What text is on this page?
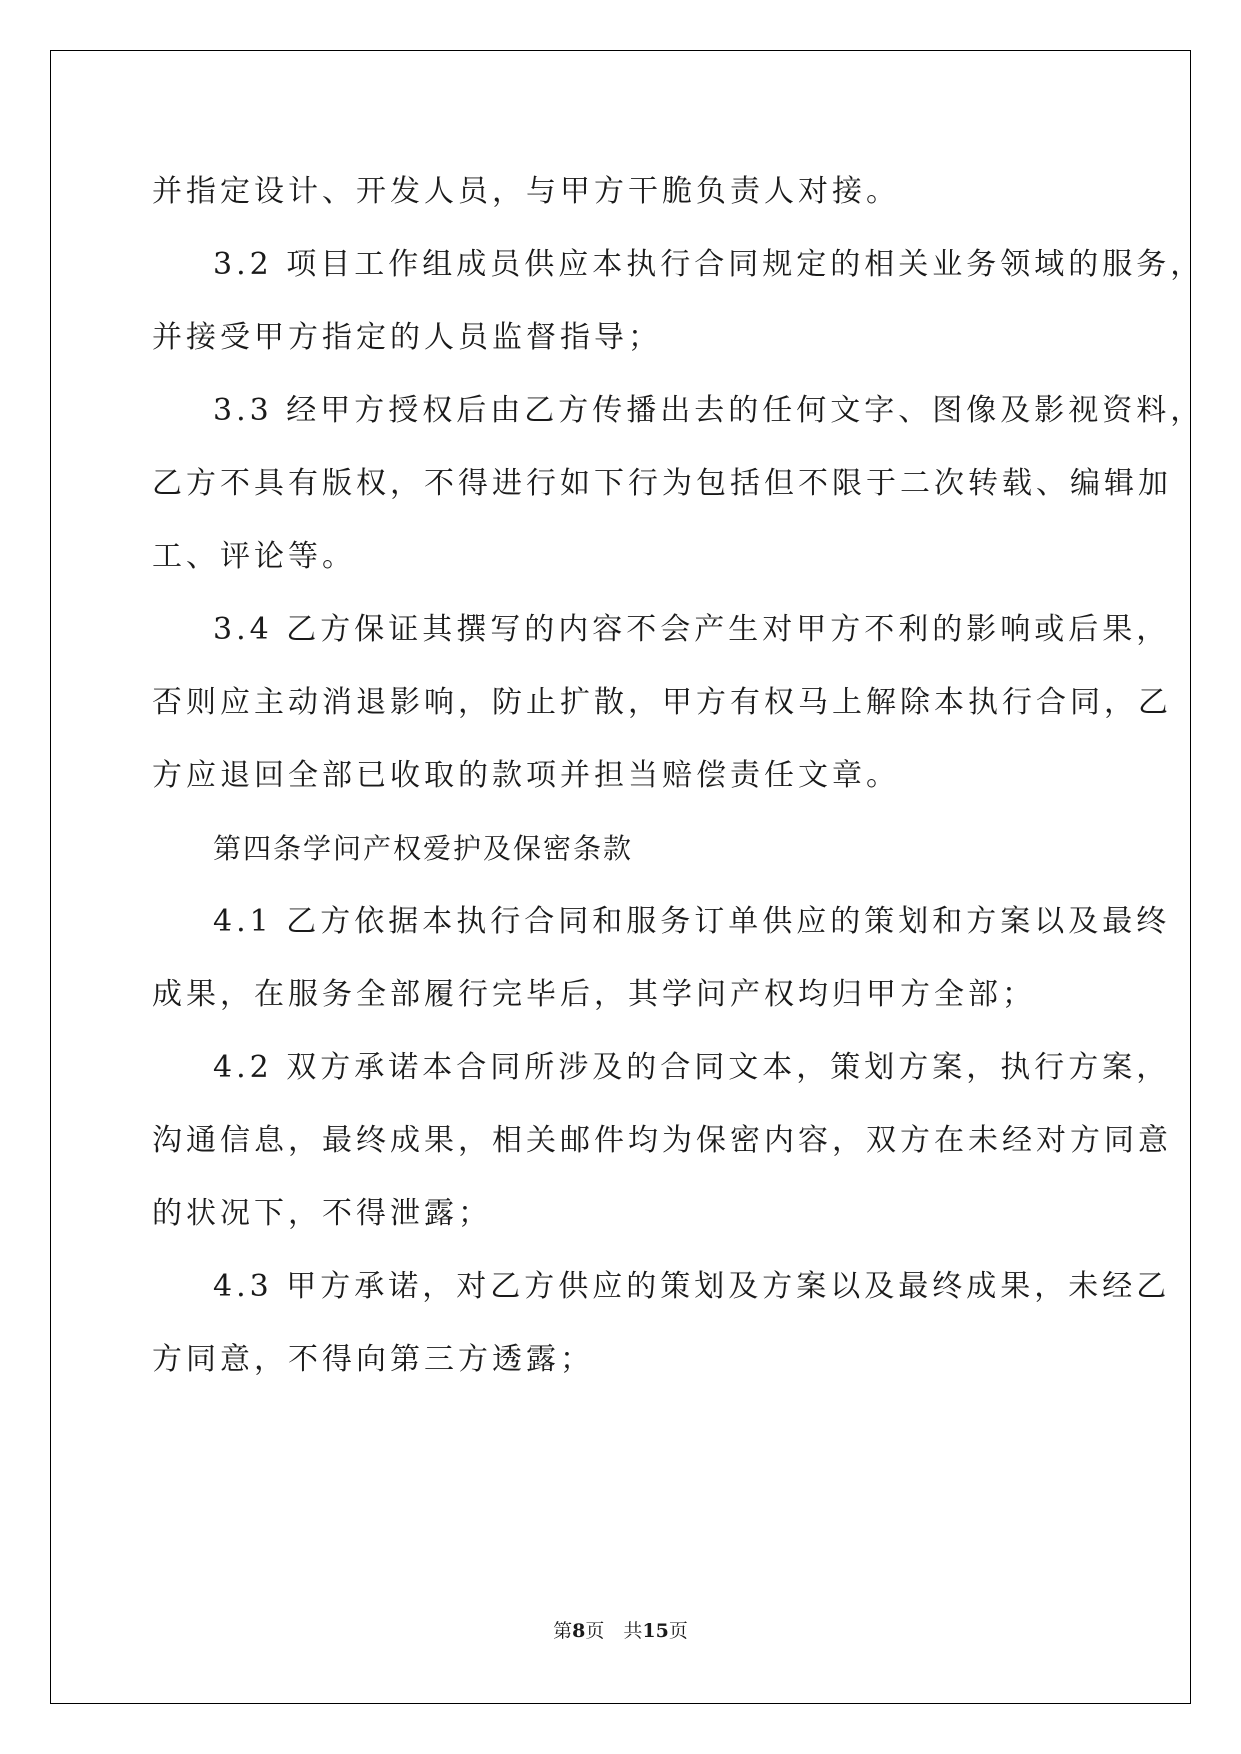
并指定设计、开发人员，与甲方干脆负责人对接。
3.2 项目工作组成员供应本执行合同规定的相关业务领域的服务，
并接受甲方指定的人员监督指导；
3.3 经甲方授权后由乙方传播出去的任何文字、图像及影视资料，
乙方不具有版权，不得进行如下行为包括但不限于二次转载、编辑加
工、评论等。
3.4 乙方保证其撰写的内容不会产生对甲方不利的影响或后果，
否则应主动消退影响，防止扩散，甲方有权马上解除本执行合同，乙
方应退回全部已收取的款项并担当赔偿责任文章。
第四条学问产权爱护及保密条款
4.1 乙方依据本执行合同和服务订单供应的策划和方案以及最终
成果，在服务全部履行完毕后，其学问产权均归甲方全部；
4.2 双方承诺本合同所涉及的合同文本，策划方案，执行方案，
沟通信息，最终成果，相关邮件均为保密内容，双方在未经对方同意
的状况下，不得泄露；
4.3 甲方承诺，对乙方供应的策划及方案以及最终成果，未经乙
方同意，不得向第三方透露；
第8页　共15页
